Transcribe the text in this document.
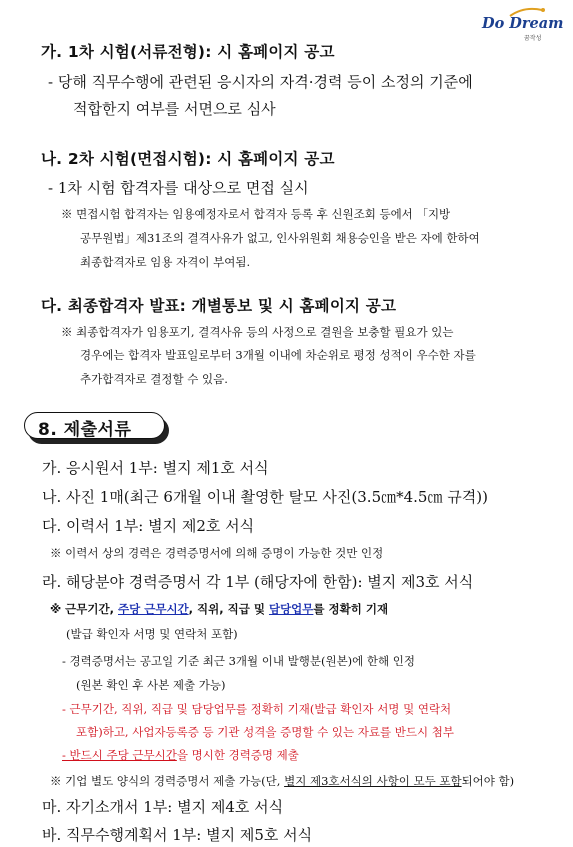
Do Dream
꿈작성
가. 1차 시험(서류전형): 시 홈페이지 공고
- 당해 직무수행에 관련된 응시자의 자격·경력 등이 소정의 기준에
적합한지 여부를 서면으로 심사
나. 2차 시험(면접시험): 시 홈페이지 공고
- 1차 시험 합격자를 대상으로 면접 실시
※ 면접시험 합격자는 임용예정자로서 합격자 등록 후 신원조회 등에서 「지방
공무원법」제31조의 결격사유가 없고, 인사위원회 채용승인을 받은 자에 한하여
최종합격자로 임용 자격이 부여됨.
다. 최종합격자 발표: 개별통보 및 시 홈페이지 공고
※ 최종합격자가 임용포기, 결격사유 등의 사정으로 결원을 보충할 필요가 있는
경우에는 합격자 발표일로부터 3개월 이내에 차순위로 평정 성적이 우수한 자를
추가합격자로 결정할 수 있음.
8. 제출서류
가. 응시원서 1부: 별지 제1호 서식
나. 사진 1매(최근 6개월 이내 촬영한 탈모 사진(3.5㎝*4.5㎝ 규격))
다. 이력서 1부: 별지 제2호 서식
※ 이력서 상의 경력은 경력증명서에 의해 증명이 가능한 것만 인정
라. 해당분야 경력증명서 각 1부 (해당자에 한함): 별지 제3호 서식
※ 근무기간, 주당 근무시간, 직위, 직급 및 담당업무를 정확히 기재
(발급 확인자 서명 및 연락처 포함)
- 경력증명서는 공고일 기준 최근 3개월 이내 발행분(원본)에 한해 인정
(원본 확인 후 사본 제출 가능)
- 근무기간, 직위, 직급 및 담당업무를 정확히 기재(발급 확인자 서명 및 연락처
포함)하고, 사업자등록증 등 기관 성격을 증명할 수 있는 자료를 반드시 첨부
- 반드시 주당 근무시간을 명시한 경력증명 제출
※ 기업 별도 양식의 경력증명서 제출 가능(단, 별지 제3호서식의 사항이 모두 포함되어야 함)
마. 자기소개서 1부: 별지 제4호 서식
바. 직무수행계획서 1부: 별지 제5호 서식
